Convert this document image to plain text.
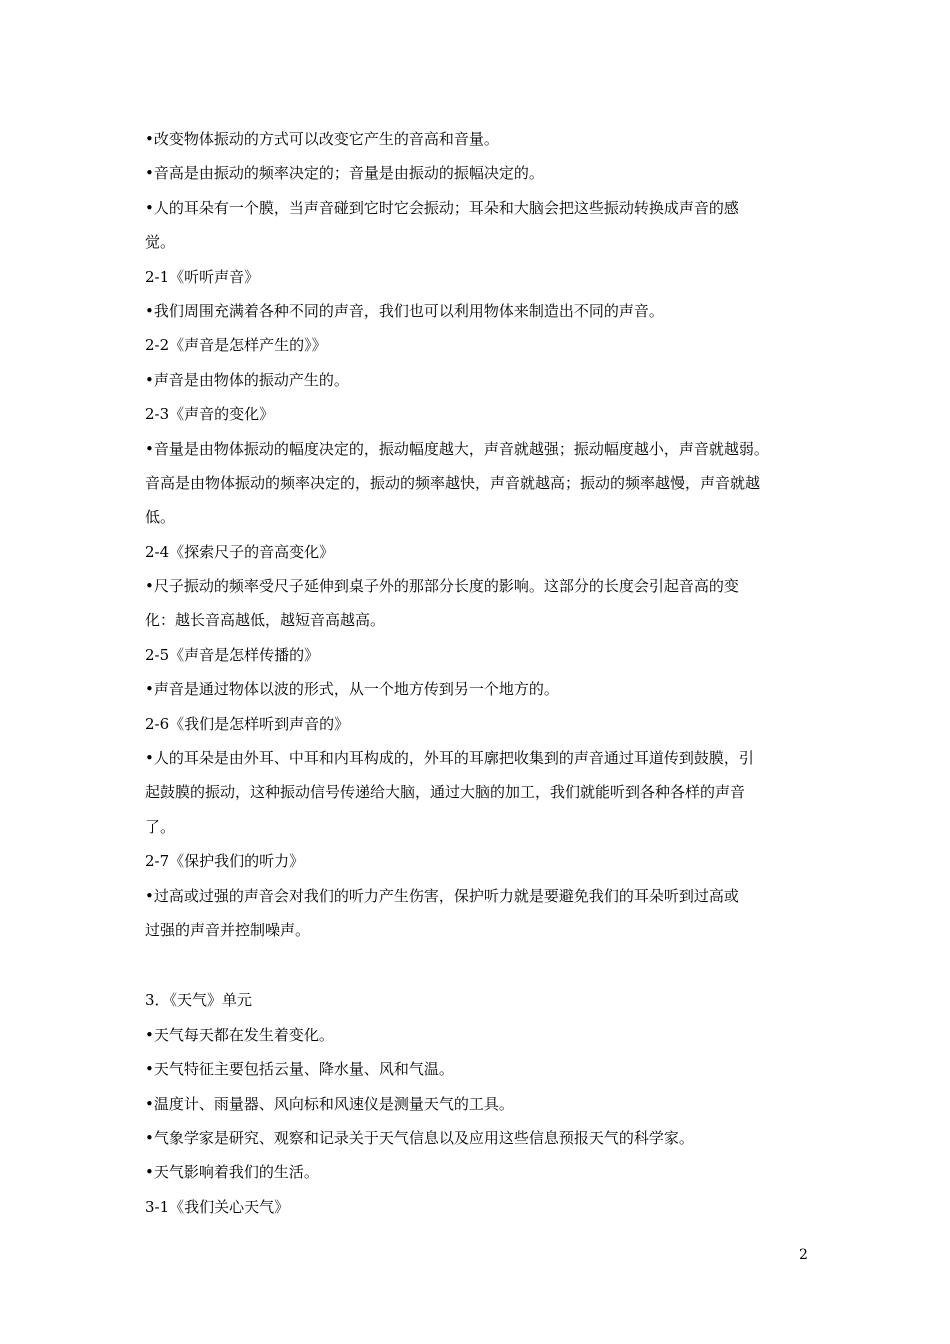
•改变物体振动的方式可以改变它产生的音高和音量。
•音高是由振动的频率决定的；音量是由振动的振幅决定的。
•人的耳朵有一个膜，当声音碰到它时它会振动；耳朵和大脑会把这些振动转换成声音的感
觉。
2-1《听听声音》
•我们周围充满着各种不同的声音，我们也可以利用物体来制造出不同的声音。
2-2《声音是怎样产生的》》
•声音是由物体的振动产生的。
2-3《声音的变化》
•音量是由物体振动的幅度决定的，振动幅度越大，声音就越强；振动幅度越小，声音就越弱。
音高是由物体振动的频率决定的，振动的频率越快，声音就越高；振动的频率越慢，声音就越
低。
2-4《探索尺子的音高变化》
•尺子振动的频率受尺子延伸到桌子外的那部分长度的影响。这部分的长度会引起音高的变
化：越长音高越低，越短音高越高。
2-5《声音是怎样传播的》
•声音是通过物体以波的形式，从一个地方传到另一个地方的。
2-6《我们是怎样听到声音的》
•人的耳朵是由外耳、中耳和内耳构成的，外耳的耳廓把收集到的声音通过耳道传到鼓膜，引
起鼓膜的振动，这种振动信号传递给大脑，通过大脑的加工，我们就能听到各种各样的声音
了。
2-7《保护我们的听力》
•过高或过强的声音会对我们的听力产生伤害，保护听力就是要避免我们的耳朵听到过高或
过强的声音并控制噪声。
3．《天气》单元
•天气每天都在发生着变化。
•天气特征主要包括云量、降水量、风和气温。
•温度计、雨量器、风向标和风速仪是测量天气的工具。
•气象学家是研究、观察和记录关于天气信息以及应用这些信息预报天气的科学家。
•天气影响着我们的生活。
3-1《我们关心天气》
2
